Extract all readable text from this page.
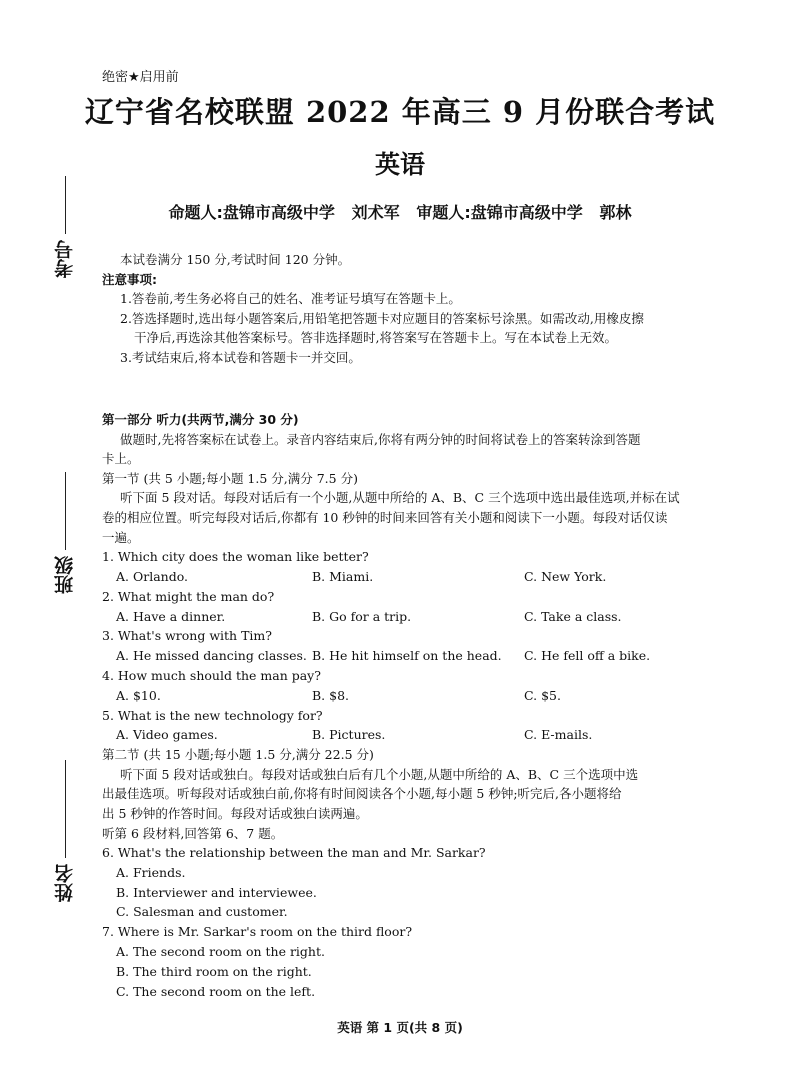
考号
班级
姓名
绝密★启用前
辽宁省名校联盟 2022 年高三 9 月份联合考试
英语
命题人:盘锦市高级中学   刘术军   审题人:盘锦市高级中学   郭林
本试卷满分 150 分,考试时间 120 分钟。
注意事项:
1.答卷前,考生务必将自己的姓名、准考证号填写在答题卡上。
2.答选择题时,选出每小题答案后,用铅笔把答题卡对应题目的答案标号涂黑。如需改动,用橡皮擦
干净后,再选涂其他答案标号。答非选择题时,将答案写在答题卡上。写在本试卷上无效。
3.考试结束后,将本试卷和答题卡一并交回。
第一部分 听力(共两节,满分 30 分)
做题时,先将答案标在试卷上。录音内容结束后,你将有两分钟的时间将试卷上的答案转涂到答题
卡上。
第一节 (共 5 小题;每小题 1.5 分,满分 7.5 分)
听下面 5 段对话。每段对话后有一个小题,从题中所给的 A、B、C 三个选项中选出最佳选项,并标在试
卷的相应位置。听完每段对话后,你都有 10 秒钟的时间来回答有关小题和阅读下一小题。每段对话仅读
一遍。
1. Which city does the woman like better?
A. Orlando.	B. Miami.	C. New York.
2. What might the man do?
A. Have a dinner.	B. Go for a trip.	C. Take a class.
3. What's wrong with Tim?
A. He missed dancing classes. B. He hit himself on the head. C. He fell off a bike.
4. How much should the man pay?
A. $10.	B. $8.	C. $5.
5. What is the new technology for?
A. Video games.	B. Pictures.	C. E-mails.
第二节 (共 15 小题;每小题 1.5 分,满分 22.5 分)
听下面 5 段对话或独白。每段对话或独白后有几个小题,从题中所给的 A、B、C 三个选项中选
出最佳选项。听每段对话或独白前,你将有时间阅读各个小题,每小题 5 秒钟;听完后,各小题将给
出 5 秒钟的作答时间。每段对话或独白读两遍。
听第 6 段材料,回答第 6、7 题。
6. What's the relationship between the man and Mr. Sarkar?
A. Friends.
B. Interviewer and interviewee.
C. Salesman and customer.
7. Where is Mr. Sarkar's room on the third floor?
A. The second room on the right.
B. The third room on the right.
C. The second room on the left.
英语 第 1 页(共 8 页)
